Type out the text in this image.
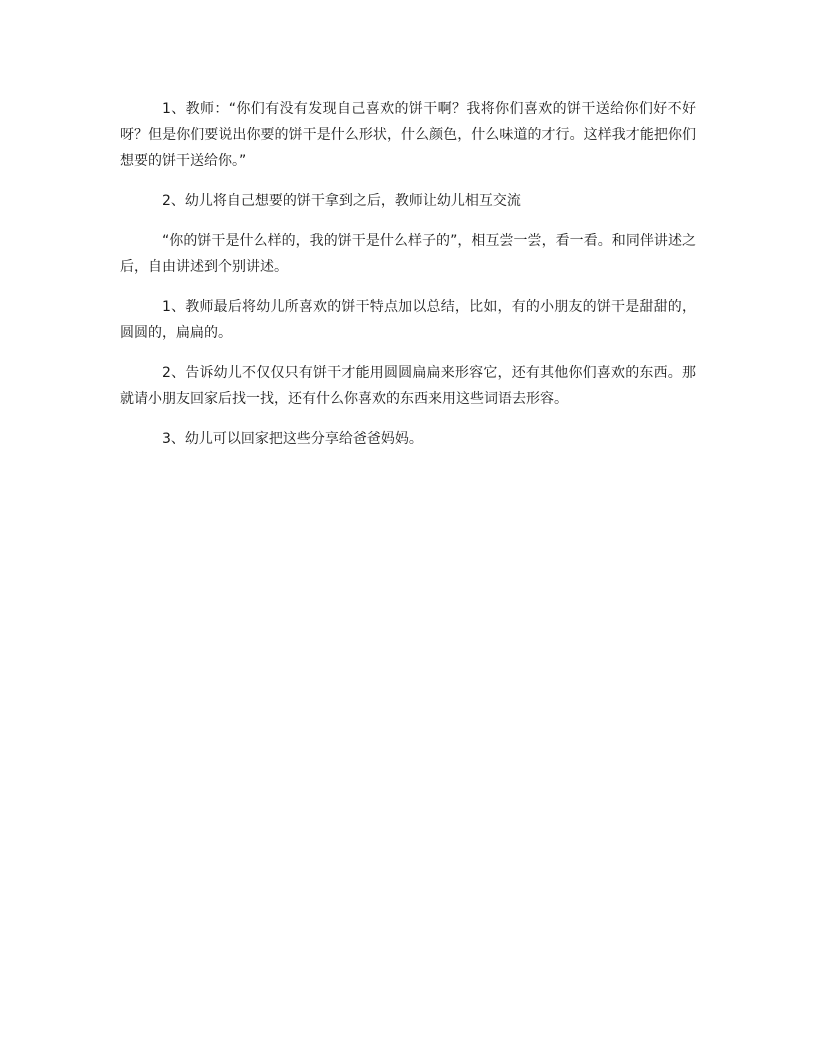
1、教师：“你们有没有发现自己喜欢的饼干啊？我将你们喜欢的饼干送给你们好不好呀？但是你们要说出你要的饼干是什么形状，什么颜色，什么味道的才行。这样我才能把你们想要的饼干送给你。”

2、幼儿将自己想要的饼干拿到之后，教师让幼儿相互交流

“你的饼干是什么样的，我的饼干是什么样子的”，相互尝一尝，看一看。和同伴讲述之后，自由讲述到个别讲述。

1、教师最后将幼儿所喜欢的饼干特点加以总结，比如，有的小朋友的饼干是甜甜的，圆圆的，扁扁的。

2、告诉幼儿不仅仅只有饼干才能用圆圆扁扁来形容它，还有其他你们喜欢的东西。那就请小朋友回家后找一找，还有什么你喜欢的东西来用这些词语去形容。

3、幼儿可以回家把这些分享给爸爸妈妈。
